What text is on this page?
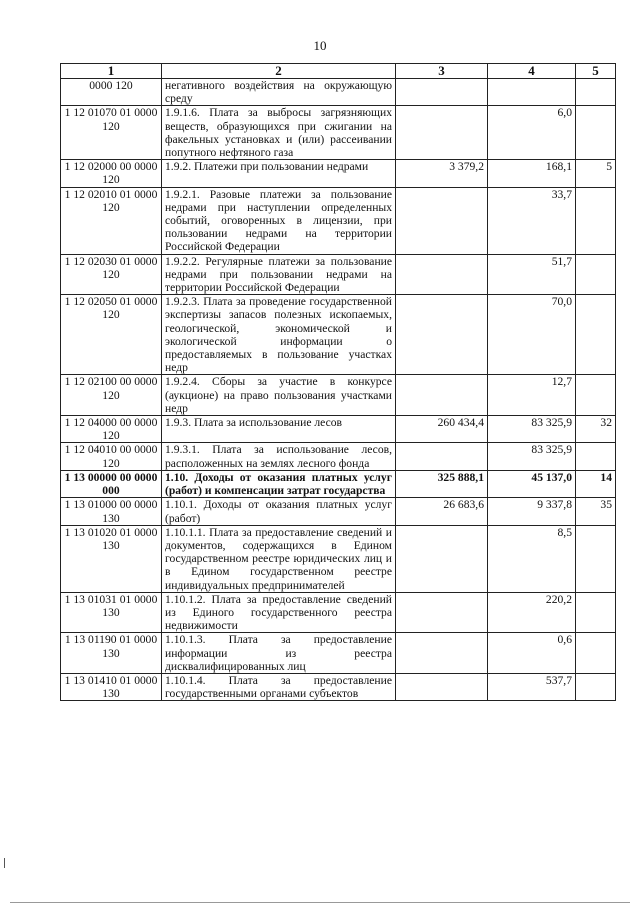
10
1	2	3	4	5
0000 120	негативного воздействия на окружающую среду			
1 12 01070 01 0000 120	1.9.1.6. Плата за выбросы загрязняющих веществ, образующихся при сжигании на факельных установках и (или) рассеивании попутного нефтяного газа		6,0	
1 12 02000 00 0000 120	1.9.2. Платежи при пользовании недрами	3 379,2	168,1	5
1 12 02010 01 0000 120	1.9.2.1. Разовые платежи за пользование недрами при наступлении определенных событий, оговоренных в лицензии, при пользовании недрами на территории Российской Федерации		33,7	
1 12 02030 01 0000 120	1.9.2.2. Регулярные платежи за пользование недрами при пользовании недрами на территории Российской Федерации		51,7	
1 12 02050 01 0000 120	1.9.2.3. Плата за проведение государственной экспертизы запасов полезных ископаемых, геологической, экономической и экологической информации о предоставляемых в пользование участках недр		70,0	
1 12 02100 00 0000 120	1.9.2.4. Сборы за участие в конкурсе (аукционе) на право пользования участками недр		12,7	
1 12 04000 00 0000 120	1.9.3. Плата за использование лесов	260 434,4	83 325,9	32
1 12 04010 00 0000 120	1.9.3.1. Плата за использование лесов, расположенных на землях лесного фонда		83 325,9	
1 13 00000 00 0000 000	1.10. Доходы от оказания платных услуг (работ) и компенсации затрат государства	325 888,1	45 137,0	14
1 13 01000 00 0000 130	1.10.1. Доходы от оказания платных услуг (работ)	26 683,6	9 337,8	35
1 13 01020 01 0000 130	1.10.1.1. Плата за предоставление сведений и документов, содержащихся в Едином государственном реестре юридических лиц и в Едином государственном реестре индивидуальных предпринимателей		8,5	
1 13 01031 01 0000 130	1.10.1.2. Плата за предоставление сведений из Единого государственного реестра недвижимости		220,2	
1 13 01190 01 0000 130	1.10.1.3. Плата за предоставление информации из реестра дисквалифицированных лиц		0,6	
1 13 01410 01 0000 130	1.10.1.4. Плата за предоставление государственными органами субъектов		537,7	
